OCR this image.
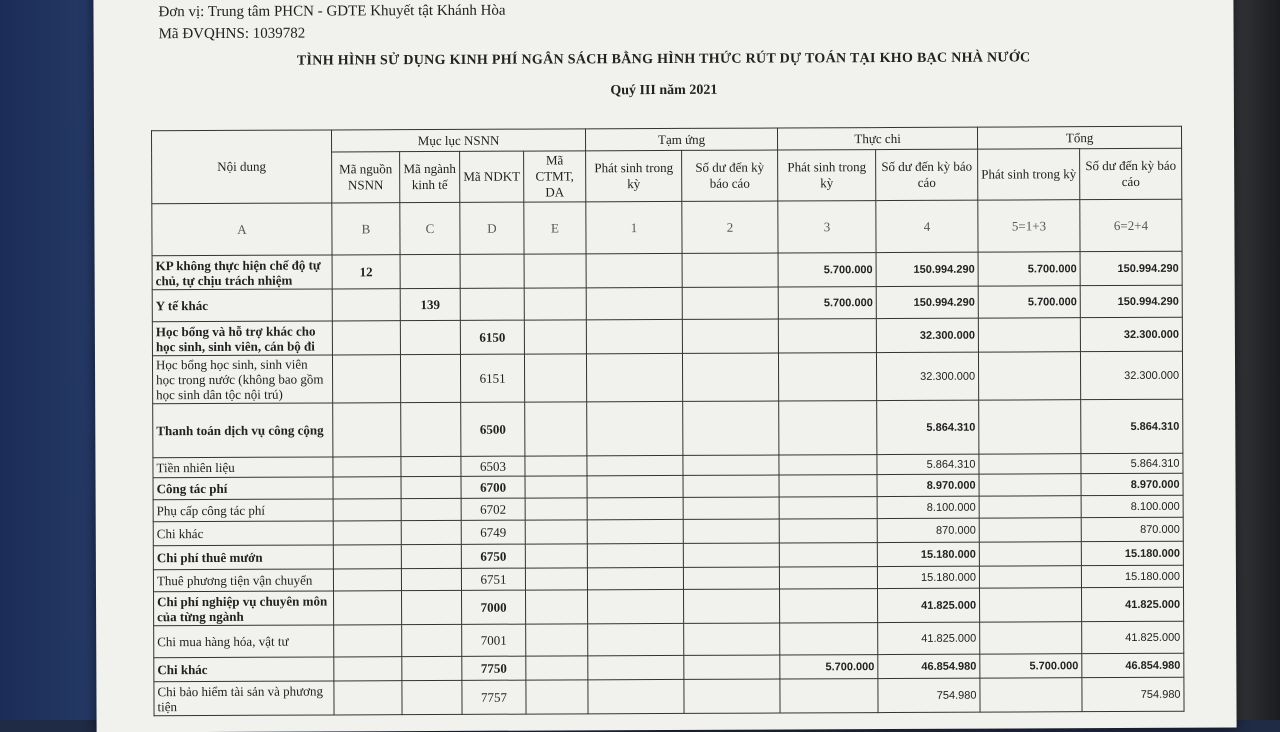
Đơn vị: Trung tâm PHCN - GDTE Khuyết tật Khánh Hòa
Mã ĐVQHNS: 1039782
TÌNH HÌNH SỬ DỤNG KINH PHÍ NGÂN SÁCH BẰNG HÌNH THỨC RÚT DỰ TOÁN TẠI KHO BẠC NHÀ NƯỚC
Quý III năm 2021
Nội dung	Mục lục NSNN				Tạm ứng		Thực chi		Tổng	
	Mã nguồn NSNN	Mã ngành kinh tế	Mã NDKT	Mã CTMT, DA	Phát sinh trong kỳ	Số dư đến kỳ báo cáo	Phát sinh trong kỳ	Số dư đến kỳ báo cáo	Phát sinh trong kỳ	Số dư đến kỳ báo cáo
A	B	C	D	E	1	2	3	4	5=1+3	6=2+4
KP không thực hiện chế độ tự chủ, tự chịu trách nhiệm	12						5.700.000	150.994.290	5.700.000	150.994.290
Y tế khác		139					5.700.000	150.994.290	5.700.000	150.994.290
Học bổng và hỗ trợ khác cho học sinh, sinh viên, cán bộ đi			6150					32.300.000		32.300.000
Học bổng học sinh, sinh viên học trong nước (không bao gồm học sinh dân tộc nội trú)			6151					32.300.000		32.300.000
Thanh toán dịch vụ công cộng			6500					5.864.310		5.864.310
Tiền nhiên liệu			6503					5.864.310		5.864.310
Công tác phí			6700					8.970.000		8.970.000
Phụ cấp công tác phí			6702					8.100.000		8.100.000
Chi khác			6749					870.000		870.000
Chi phí thuê mướn			6750					15.180.000		15.180.000
Thuê phương tiện vận chuyển			6751					15.180.000		15.180.000
Chi phí nghiệp vụ chuyên môn của từng ngành			7000					41.825.000		41.825.000
Chi mua hàng hóa, vật tư			7001					41.825.000		41.825.000
Chi khác			7750				5.700.000	46.854.980	5.700.000	46.854.980
Chi bảo hiểm tài sản và phương tiện			7757					754.980		754.980
